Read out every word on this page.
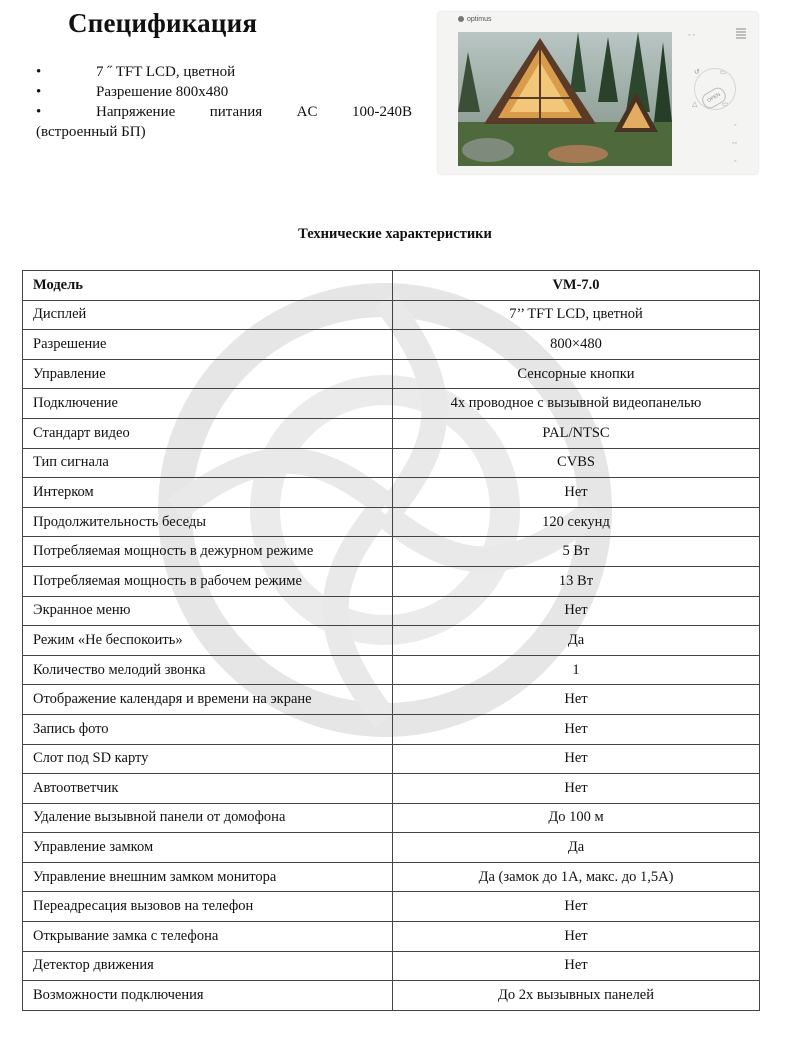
Спецификация
•	7 ˝ TFT LCD, цветной
•	Разрешение 800х480
•	Напряжение питания AC 100-240В
(встроенный БП)
optimus
◦ ◦
↺	▭
△	▭
OPEN
◦
◦◦
◦
Технические характеристики
Модель	VM-7.0
Дисплей	7’’ TFT LCD, цветной
Разрешение	800×480
Управление	Сенсорные кнопки
Подключение	4х проводное с вызывной видеопанелью
Стандарт видео	PAL/NTSC
Тип сигнала	CVBS
Интерком	Нет
Продолжительность беседы	120 секунд
Потребляемая мощность в дежурном режиме	5 Вт
Потребляемая мощность в рабочем режиме	13 Вт
Экранное меню	Нет
Режим «Не беспокоить»	Да
Количество мелодий звонка	1
Отображение календаря и времени на экране	Нет
Запись фото	Нет
Слот под SD карту	Нет
Автоответчик	Нет
Удаление вызывной панели от домофона	До 100 м
Управление замком	Да
Управление внешним замком монитора	Да (замок до 1А, макс. до 1,5А)
Переадресация вызовов на телефон	Нет
Открывание замка с телефона	Нет
Детектор движения	Нет
Возможности подключения	До 2х вызывных панелей
